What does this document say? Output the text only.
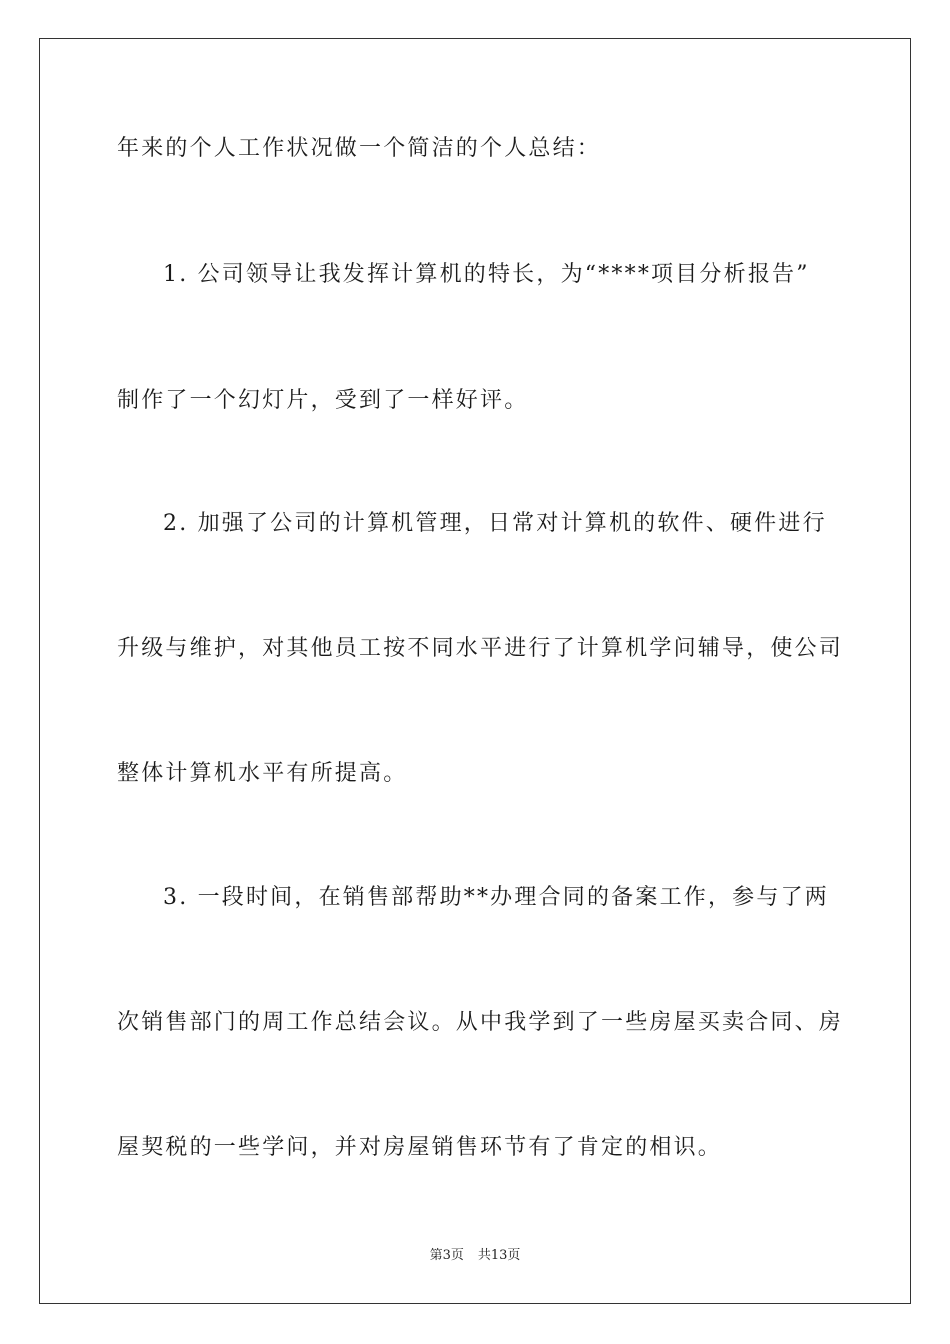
年来的个人工作状况做一个简洁的个人总结：
1. 公司领导让我发挥计算机的特长，为“****项目分析报告”
制作了一个幻灯片，受到了一样好评。
2. 加强了公司的计算机管理，日常对计算机的软件、硬件进行
升级与维护，对其他员工按不同水平进行了计算机学问辅导，使公司
整体计算机水平有所提高。
3. 一段时间，在销售部帮助**办理合同的备案工作，参与了两
次销售部门的周工作总结会议。从中我学到了一些房屋买卖合同、房
屋契税的一些学问，并对房屋销售环节有了肯定的相识。
第3页 共13页
